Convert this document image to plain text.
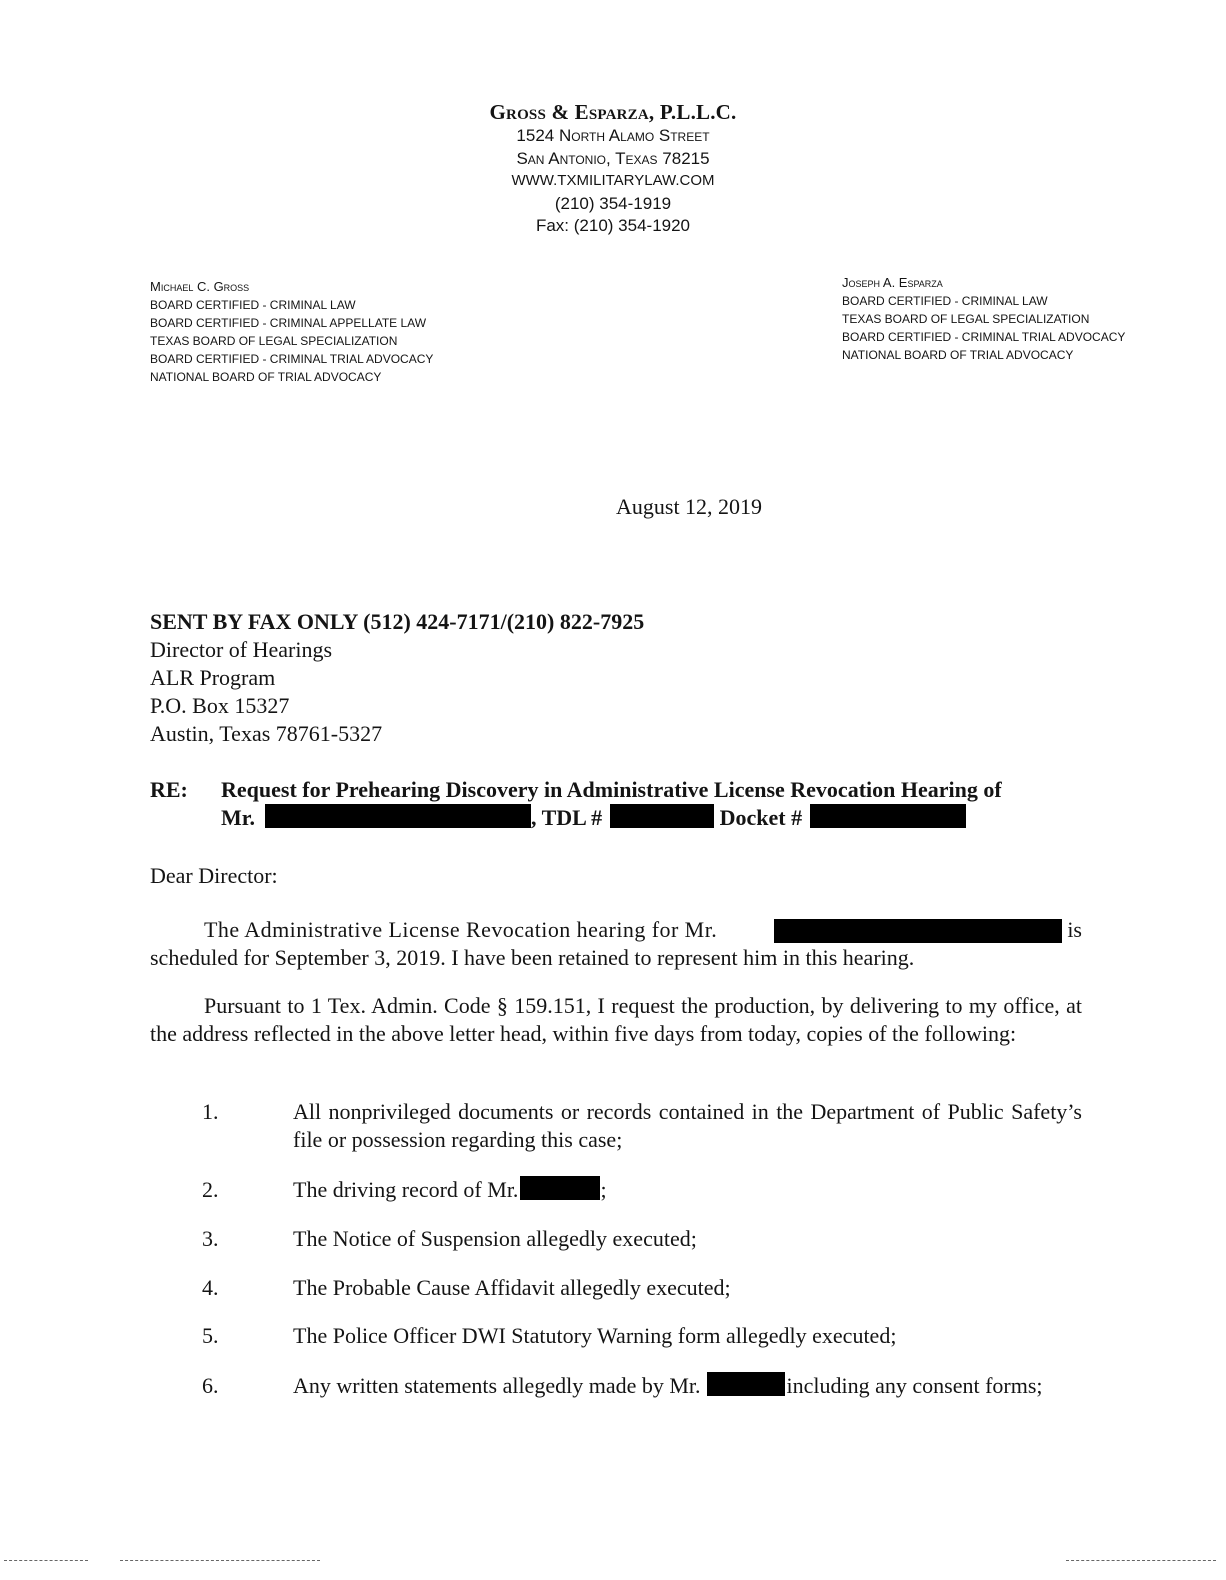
Gross & Esparza, P.L.L.C.
1524 North Alamo Street
San Antonio, Texas 78215
WWW.TXMILITARYLAW.COM
(210) 354-1919
Fax: (210) 354-1920
Michael C. Gross
BOARD CERTIFIED - CRIMINAL LAW
BOARD CERTIFIED - CRIMINAL APPELLATE LAW
TEXAS BOARD OF LEGAL SPECIALIZATION
BOARD CERTIFIED - CRIMINAL TRIAL ADVOCACY
NATIONAL BOARD OF TRIAL ADVOCACY
Joseph A. Esparza
BOARD CERTIFIED - CRIMINAL LAW
TEXAS BOARD OF LEGAL SPECIALIZATION
BOARD CERTIFIED - CRIMINAL TRIAL ADVOCACY
NATIONAL BOARD OF TRIAL ADVOCACY
August 12, 2019
SENT BY FAX ONLY (512) 424-7171/(210) 822-7925
Director of Hearings
ALR Program
P.O. Box 15327
Austin, Texas 78761-5327
RE: Request for Prehearing Discovery in Administrative License Revocation Hearing of
Mr.	, TDL #	Docket #
Dear Director:
The Administrative License Revocation hearing for Mr.	is
scheduled for September 3, 2019. I have been retained to represent him in this hearing.
Pursuant to 1 Tex. Admin. Code § 159.151, I request the production, by delivering to my office, at the address reflected in the above letter head, within five days from today, copies of the following:
1.	All nonprivileged documents or records contained in the Department of Public Safety’s file or possession regarding this case;
2.	The driving record of Mr.	;
3.	The Notice of Suspension allegedly executed;
4.	The Probable Cause Affidavit allegedly executed;
5.	The Police Officer DWI Statutory Warning form allegedly executed;
6.	Any written statements allegedly made by Mr.	including any consent forms;
